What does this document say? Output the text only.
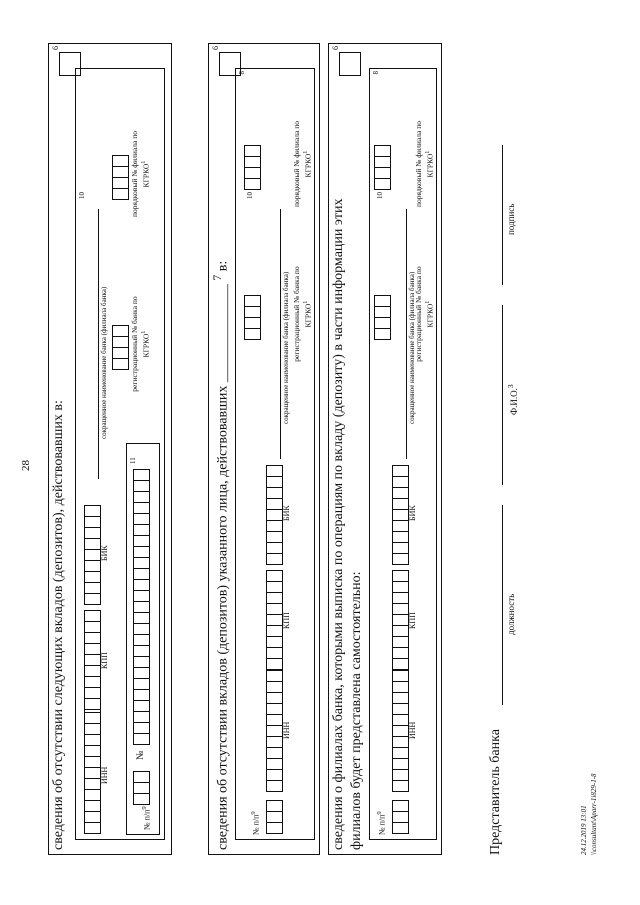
28 сведения об отсутствии следующих вкладов (депозитов), действовавших в:
6
ИНН
КПП
БИК
сокращенное наименование банка (филиала банка)
10
регистрационный № банка по КГРКО$^1$
порядковый № филиала по КГРКО$^1$
№ $п/п^9$
№
11	сведения об отсутствии вкладов (депозитов) указанного лица, действовавших ______________ $^7$ в:
6
8
№ $п/п^9$
ИНН
КПП
БИК
сокращенное наименование банка (филиала банка)
10
регистрационный № банка по КГРКО$^1$
порядковый № филиала по КГРКО$^1$
сведения о филиалах банка, которыми выписка по операциям по вкладу (депозиту) в части информации этих филиалов будет представлена самостоятельно:
6
8
№ $п/п^9$
ИНН
КПП
БИК
сокращенное наименование банка (филиала банка)
10
регистрационный № банка по КГРКО$^1$
порядковый № филиала по КГРКО$^1$
Представитель банка
должность
Ф.И.О.$^3$
подпись
24.12.2019 13:01 \\consultant\Aparr-1i829-1-8
